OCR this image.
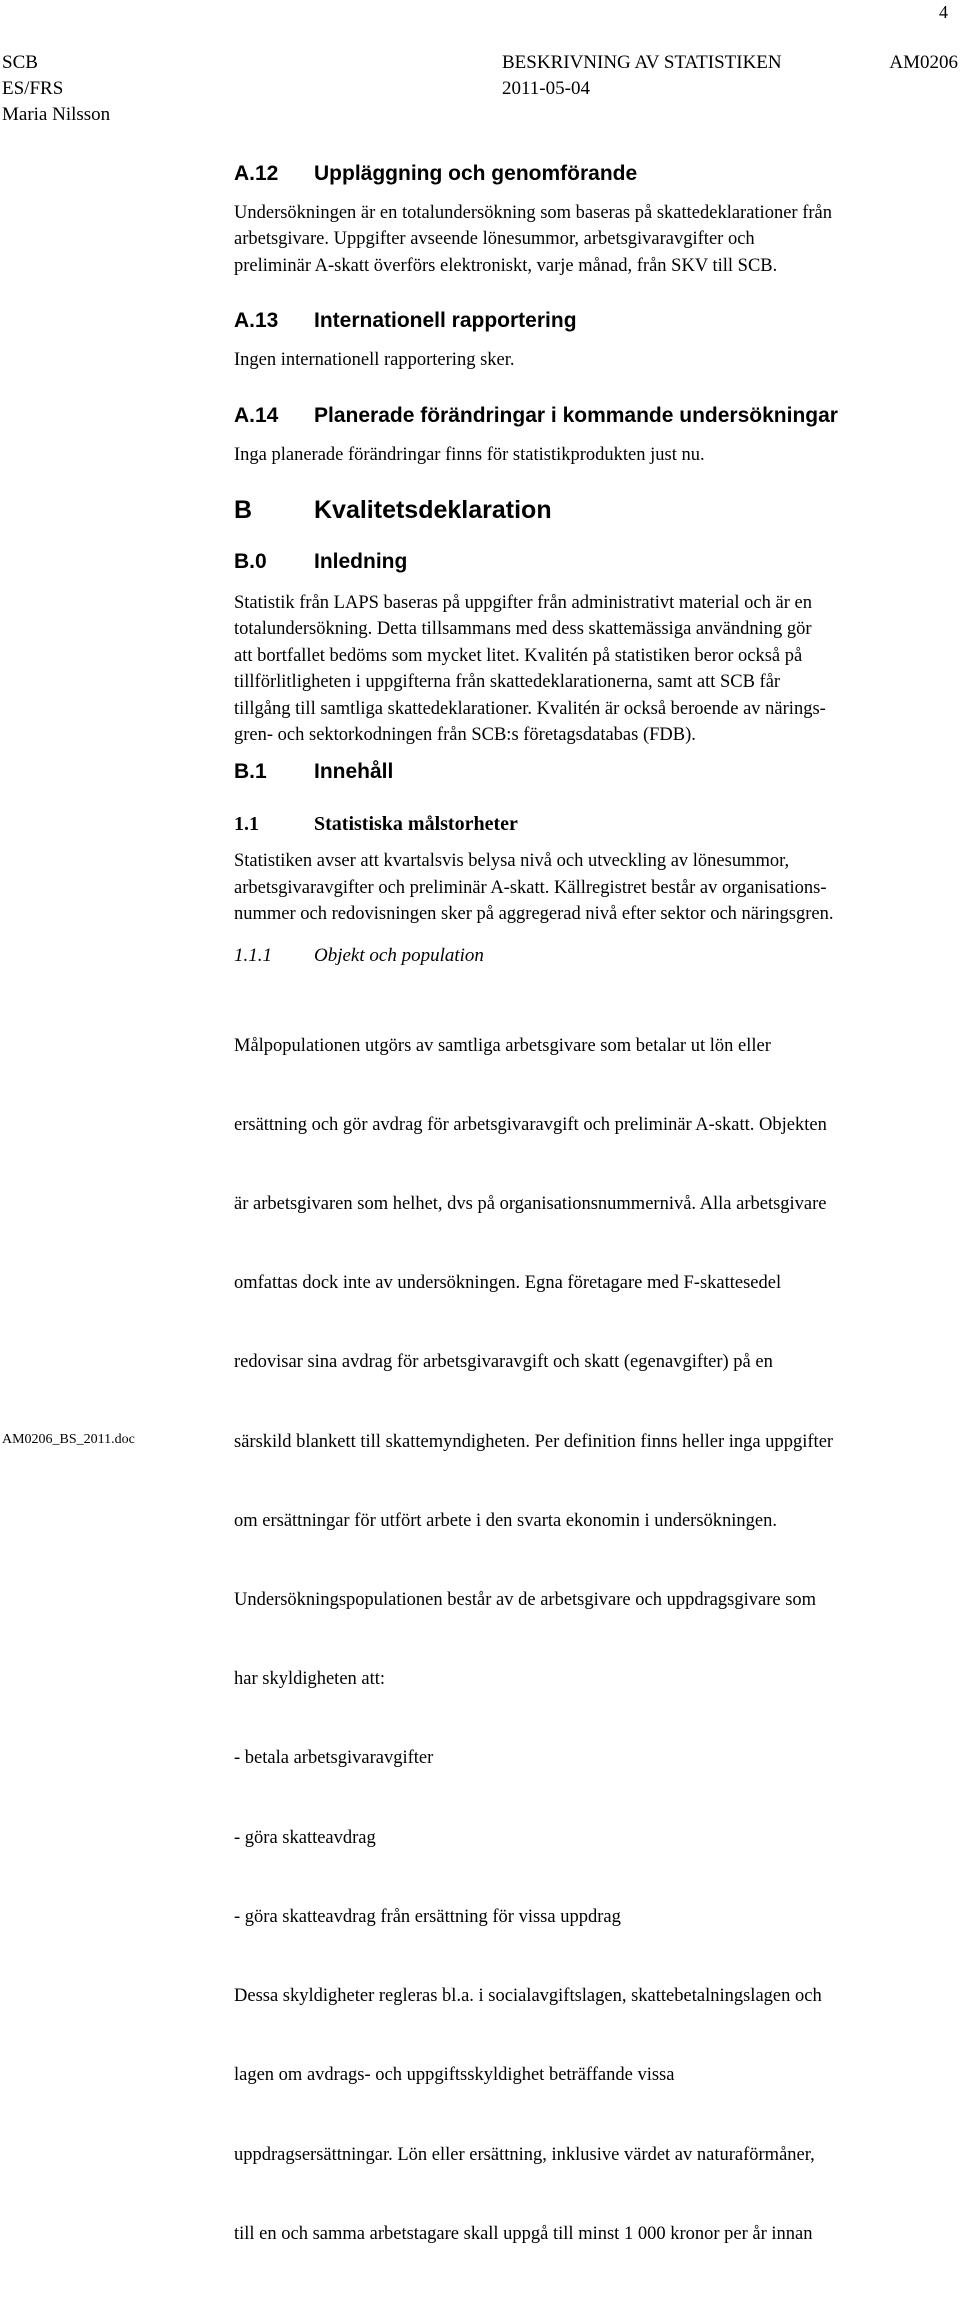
4
SCB
ES/FRS
Maria Nilsson
BESKRIVNING AV STATISTIKEN
2011-05-04
AM0206
A.12	Uppläggning och genomförande

Undersökningen är en totalundersökning som baseras på skattedeklarationer från
arbetsgivare. Uppgifter avseende lönesummor, arbetsgivaravgifter och
preliminär A-skatt överförs elektroniskt, varje månad, från SKV till SCB.

A.13	Internationell rapportering

Ingen internationell rapportering sker.

A.14	Planerade förändringar i kommande undersökningar

Inga planerade förändringar finns för statistikprodukten just nu.

B	Kvalitetsdeklaration
B.0	Inledning

Statistik från LAPS baseras på uppgifter från administrativt material och är en
totalundersökning. Detta tillsammans med dess skattemässiga användning gör
att bortfallet bedöms som mycket litet. Kvalitén på statistiken beror också på
tillförlitligheten i uppgifterna från skattedeklarationerna, samt att SCB får
tillgång till samtliga skattedeklarationer. Kvalitén är också beroende av närings-
gren- och sektorkodningen från SCB:s företagsdatabas (FDB).

B.1	Innehåll
1.1	Statistiska målstorheter

Statistiken avser att kvartalsvis belysa nivå och utveckling av lönesummor,
arbetsgivaravgifter och preliminär A-skatt. Källregistret består av organisations-
nummer och redovisningen sker på aggregerad nivå efter sektor och näringsgren.

1.1.1	Objekt och population

Målpopulationen utgörs av samtliga arbetsgivare som betalar ut lön eller

ersättning och gör avdrag för arbetsgivaravgift och preliminär A-skatt. Objekten

är arbetsgivaren som helhet, dvs på organisationsnummernivå. Alla arbetsgivare

omfattas dock inte av undersökningen. Egna företagare med F-skattesedel

redovisar sina avdrag för arbetsgivaravgift och skatt (egenavgifter) på en

särskild blankett till skattemyndigheten. Per definition finns heller inga uppgifter

om ersättningar för utfört arbete i den svarta ekonomin i undersökningen.

Undersökningspopulationen består av de arbetsgivare och uppdragsgivare som

har skyldigheten att:

- betala arbetsgivaravgifter

- göra skatteavdrag

- göra skatteavdrag från ersättning för vissa uppdrag

Dessa skyldigheter regleras bl.a. i socialavgiftslagen, skattebetalningslagen och

lagen om avdrags- och uppgiftsskyldighet beträffande vissa

uppdragsersättningar. Lön eller ersättning, inklusive värdet av naturaförmåner,

till en och samma arbetstagare skall uppgå till minst 1 000 kronor per år innan

AM0206_BS_2011.doc
